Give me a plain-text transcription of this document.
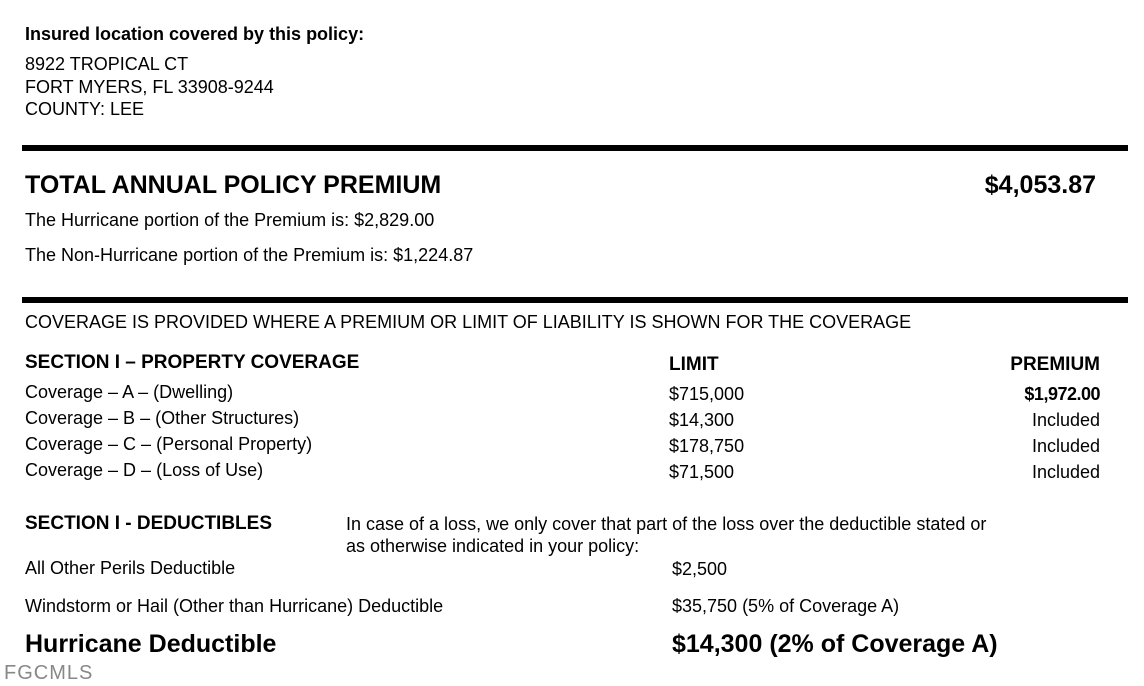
Insured location covered by this policy:
8922 TROPICAL CT
FORT MYERS, FL 33908-9244
COUNTY: LEE
TOTAL ANNUAL POLICY PREMIUM	$4,053.87
The Hurricane portion of the Premium is: $2,829.00
The Non-Hurricane portion of the Premium is: $1,224.87
COVERAGE IS PROVIDED WHERE A PREMIUM OR LIMIT OF LIABILITY IS SHOWN FOR THE COVERAGE
SECTION I – PROPERTY COVERAGE	LIMIT	PREMIUM
Coverage – A – (Dwelling)	$715,000	$1,972.00
Coverage – B – (Other Structures)	$14,300	Included
Coverage – C – (Personal Property)	$178,750	Included
Coverage – D – (Loss of Use)	$71,500	Included
SECTION I - DEDUCTIBLES	In case of a loss, we only cover that part of the loss over the deductible stated or
as otherwise indicated in your policy:
All Other Perils Deductible	$2,500
Windstorm or Hail (Other than Hurricane) Deductible	$35,750 (5% of Coverage A)
Hurricane Deductible	$14,300 (2% of Coverage A)
FGCMLS
